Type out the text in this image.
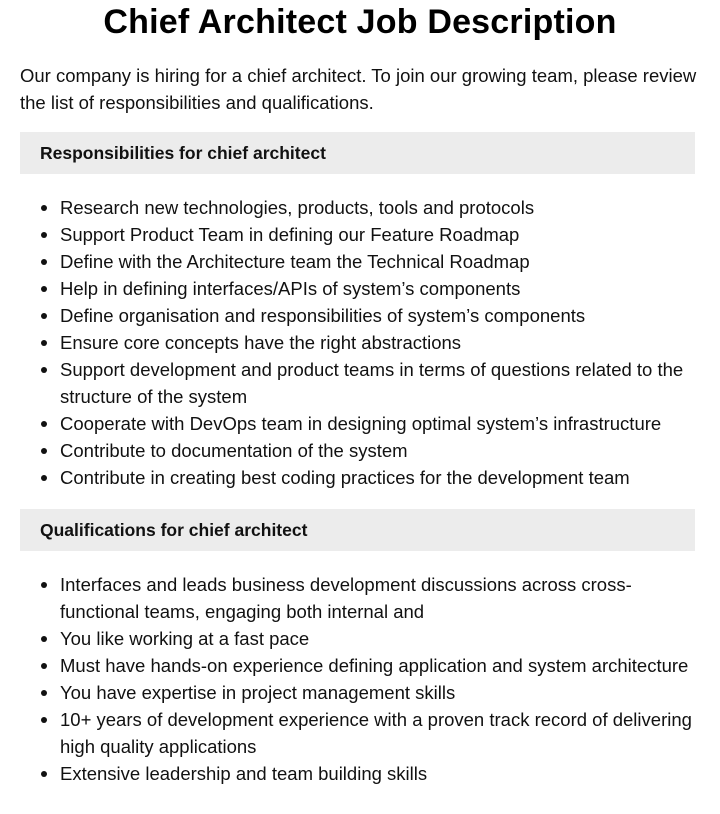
Chief Architect Job Description

Our company is hiring for a chief architect. To join our growing team, please review the list of responsibilities and qualifications.

Responsibilities for chief architect
Research new technologies, products, tools and protocols
Support Product Team in defining our Feature Roadmap
Define with the Architecture team the Technical Roadmap
Help in defining interfaces/APIs of system’s components
Define organisation and responsibilities of system’s components
Ensure core concepts have the right abstractions
Support development and product teams in terms of questions related to the structure of the system
Cooperate with DevOps team in designing optimal system’s infrastructure
Contribute to documentation of the system
Contribute in creating best coding practices for the development team
Qualifications for chief architect
Interfaces and leads business development discussions across cross-functional teams, engaging both internal and
You like working at a fast pace
Must have hands-on experience defining application and system architecture
You have expertise in project management skills
10+ years of development experience with a proven track record of delivering high quality applications
Extensive leadership and team building skills
